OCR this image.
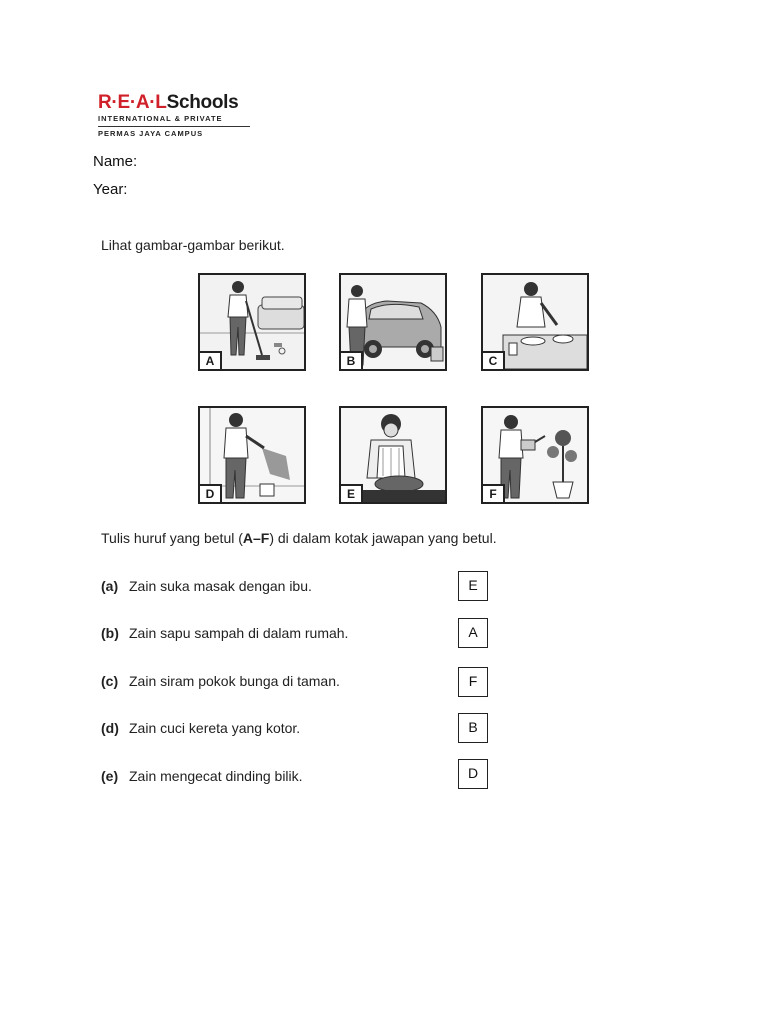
R·E·A·LSchools
INTERNATIONAL & PRIVATE
PERMAS JAYA CAMPUS
Name:
Year:
Lihat gambar-gambar berikut.
A	B	C
D	E	F
Tulis huruf yang betul (A–F) di dalam kotak jawapan yang betul.
(a) Zain suka masak dengan ibu.	E
(b) Zain sapu sampah di dalam rumah.	A
(c) Zain siram pokok bunga di taman.	F
(d) Zain cuci kereta yang kotor.	B
(e) Zain mengecat dinding bilik.	D
